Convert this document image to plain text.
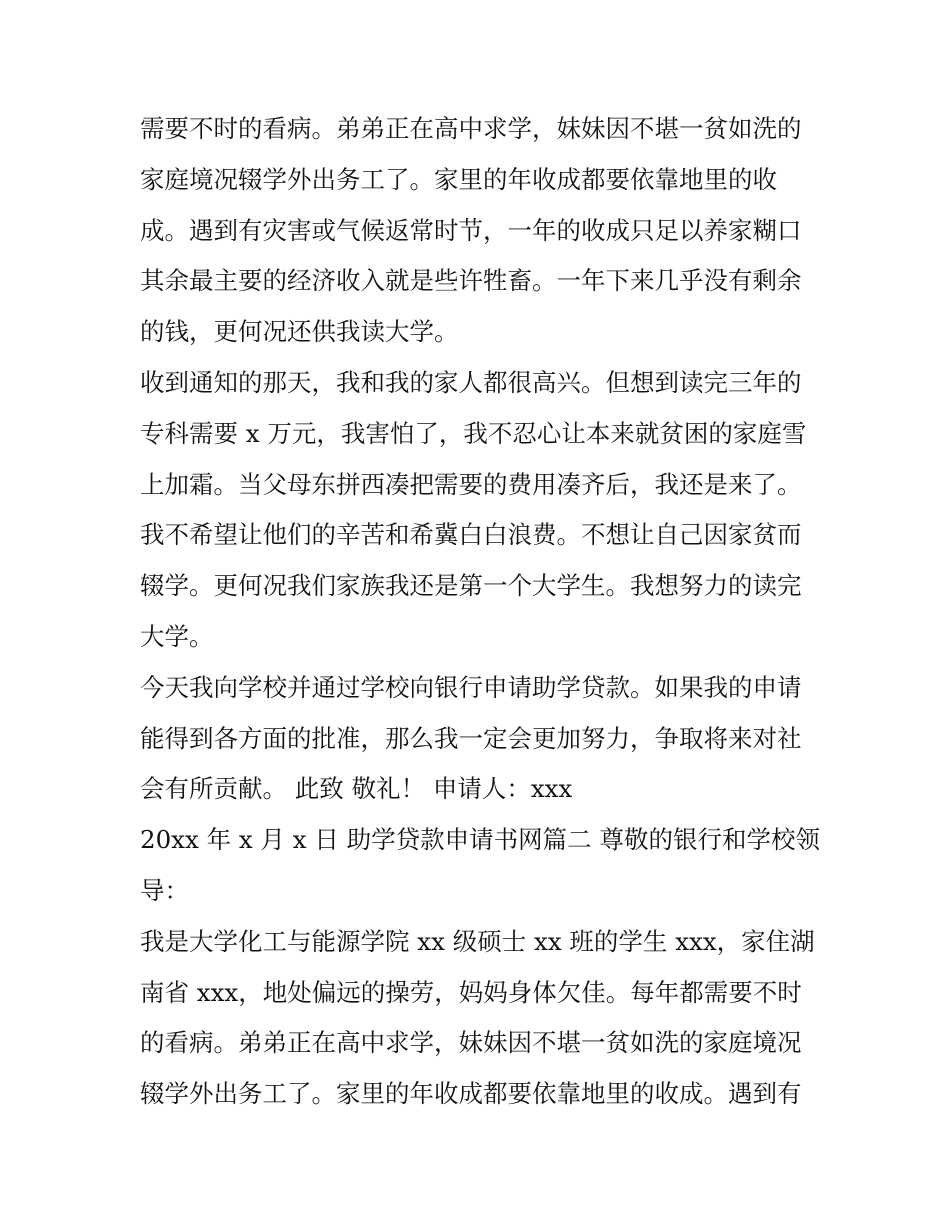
需要不时的看病。弟弟正在高中求学，妹妹因不堪一贫如洗的
家庭境况辍学外出务工了。家里的年收成都要依靠地里的收
成。遇到有灾害或气候返常时节，一年的收成只足以养家糊口
其余最主要的经济收入就是些许牲畜。一年下来几乎没有剩余
的钱，更何况还供我读大学。
收到通知的那天，我和我的家人都很高兴。但想到读完三年的
专科需要 x 万元，我害怕了，我不忍心让本来就贫困的家庭雪
上加霜。当父母东拼西凑把需要的费用凑齐后，我还是来了。
我不希望让他们的辛苦和希冀白白浪费。不想让自己因家贫而
辍学。更何况我们家族我还是第一个大学生。我想努力的读完
大学。
今天我向学校并通过学校向银行申请助学贷款。如果我的申请
能得到各方面的批准，那么我一定会更加努力，争取将来对社
会有所贡献。 此致 敬礼！ 申请人：xxx
20xx 年 x 月 x 日 助学贷款申请书网篇二 尊敬的银行和学校领
导：
我是大学化工与能源学院 xx 级硕士 xx 班的学生 xxx，家住湖
南省 xxx，地处偏远的操劳，妈妈身体欠佳。每年都需要不时
的看病。弟弟正在高中求学，妹妹因不堪一贫如洗的家庭境况
辍学外出务工了。家里的年收成都要依靠地里的收成。遇到有
